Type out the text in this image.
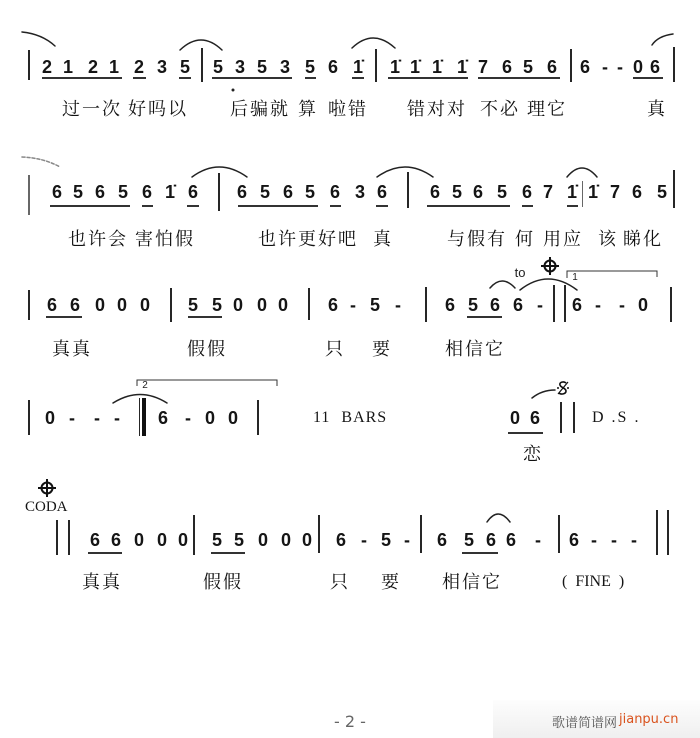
1
2
to
2 1 2 1 2 3 5 5 3 5 3 5 6 1̇ 1̇ 1̇ 1̇ 1̇ 7 6 5 6 6 - - 0 6
过一次 好吗以 后骗就 算 啦错 错对对 不必 理它	真
6 5 6 5 6 1̇ 6 6 5 6 5 6 3 6 6 5 6 5 6 7 1̇ 1̇ 7 6 5
也许会 害怕假	也许更 好吧 真	与假有 何 用应 该 睇化
6 6 0 0 0 5 5 0 0 0 6 - 5 - 6 5 6 6 - 6 - - 0
真真	假假	只 要	相信它
0 - - - 6 - 0 0	11 BARS	0 6	D .S .
恋
CODA
6 6 0 0 0 5 5 0 0 0 6 - 5 - 6 5 6 6 - 6 - - -
真真	假假	只 要 相信它	( FINE )
- 2 -	歌谱简谱网 jianpu.cn
